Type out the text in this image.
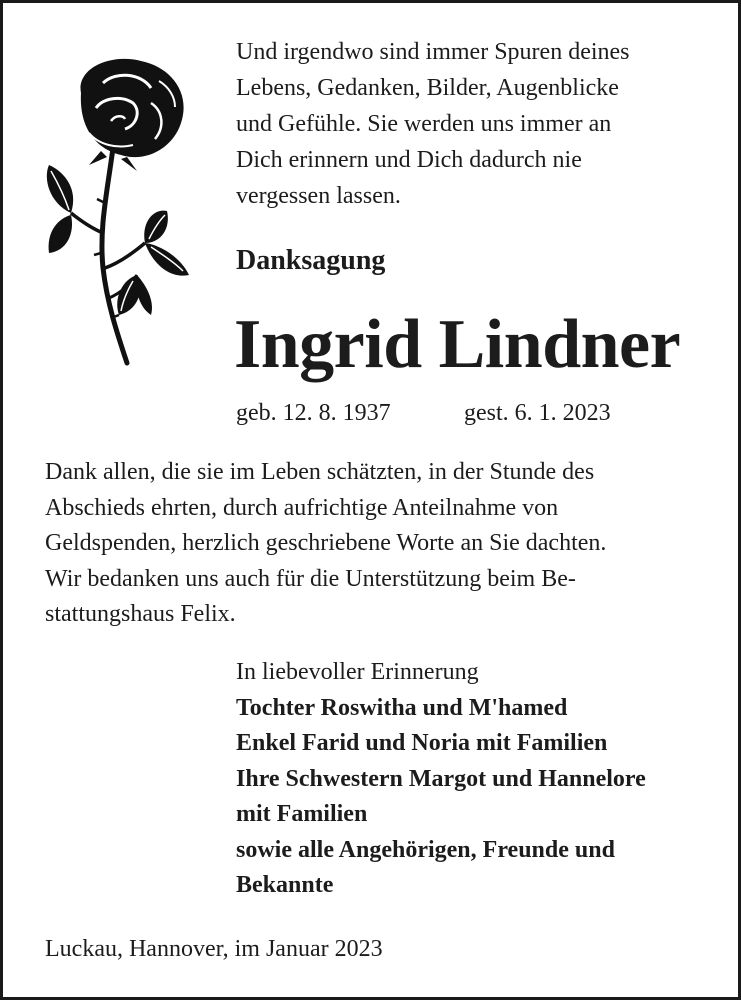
Und irgendwo sind immer Spuren deines
Lebens, Gedanken, Bilder, Augenblicke
und Gefühle. Sie werden uns immer an
Dich erinnern und Dich dadurch nie
vergessen lassen.
Danksagung
Ingrid Lindner
geb. 12. 8. 1937	gest. 6. 1. 2023
Dank allen, die sie im Leben schätzten, in der Stunde des
Abschieds ehrten, durch aufrichtige Anteilnahme von
Geldspenden, herzlich geschriebene Worte an Sie dachten.
Wir bedanken uns auch für die Unterstützung beim Be-
stattungshaus Felix.
In liebevoller Erinnerung
Tochter Roswitha und M'hamed
Enkel Farid und Noria mit Familien
Ihre Schwestern Margot und Hannelore
mit Familien
sowie alle Angehörigen, Freunde und
Bekannte
Luckau, Hannover, im Januar 2023
